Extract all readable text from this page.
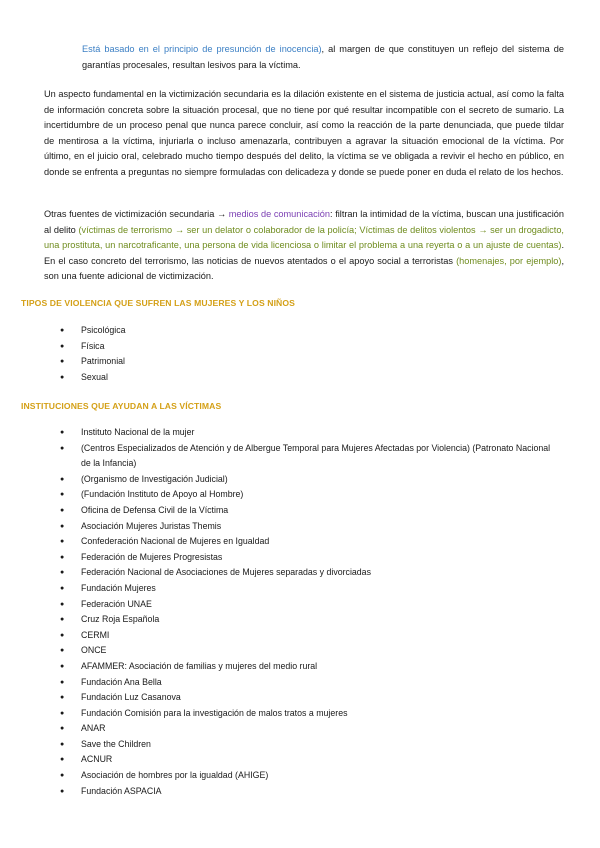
Está basado en el principio de presunción de inocencia), al margen de que constituyen un reflejo del sistema de garantías procesales, resultan lesivos para la víctima.

Un aspecto fundamental en la victimización secundaria es la dilación existente en el sistema de justicia actual, así como la falta de información concreta sobre la situación procesal, que no tiene por qué resultar incompatible con el secreto de sumario. La incertidumbre de un proceso penal que nunca parece concluir, así como la reacción de la parte denunciada, que puede tildar de mentirosa a la víctima, injuriarla o incluso amenazarla, contribuyen a agravar la situación emocional de la víctima. Por último, en el juicio oral, celebrado mucho tiempo después del delito, la víctima se ve obligada a revivir el hecho en público, en donde se enfrenta a preguntas no siempre formuladas con delicadeza y donde se puede poner en duda el relato de los hechos.

Otras fuentes de victimización secundaria → medios de comunicación: filtran la intimidad de la víctima, buscan una justificación al delito (víctimas de terrorismo → ser un delator o colaborador de la policía; Víctimas de delitos violentos → ser un drogadicto, una prostituta, un narcotraficante, una persona de vida licenciosa o limitar el problema a una reyerta o a un ajuste de cuentas). En el caso concreto del terrorismo, las noticias de nuevos atentados o el apoyo social a terroristas (homenajes, por ejemplo), son una fuente adicional de victimización.

TIPOS DE VIOLENCIA QUE SUFREN LAS MUJERES Y LOS NIÑOS
● Psicológica
● Física
● Patrimonial
● Sexual
INSTITUCIONES QUE AYUDAN A LAS VÍCTIMAS
● Instituto Nacional de la mujer
● (Centros Especializados de Atención y de Albergue Temporal para Mujeres Afectadas por Violencia) (Patronato Nacional de la Infancia)
● (Organismo de Investigación Judicial)
● (Fundación Instituto de Apoyo al Hombre)
● Oficina de Defensa Civil de la Víctima
● Asociación Mujeres Juristas Themis
● Confederación Nacional de Mujeres en Igualdad
● Federación de Mujeres Progresistas
● Federación Nacional de Asociaciones de Mujeres separadas y divorciadas
● Fundación Mujeres
● Federación UNAE
● Cruz Roja Española
● CERMI
● ONCE
● AFAMMER: Asociación de familias y mujeres del medio rural
● Fundación Ana Bella
● Fundación Luz Casanova
● Fundación Comisión para la investigación de malos tratos a mujeres
● ANAR
● Save the Children
● ACNUR
● Asociación de hombres por la igualdad (AHIGE)
● Fundación ASPACIA
